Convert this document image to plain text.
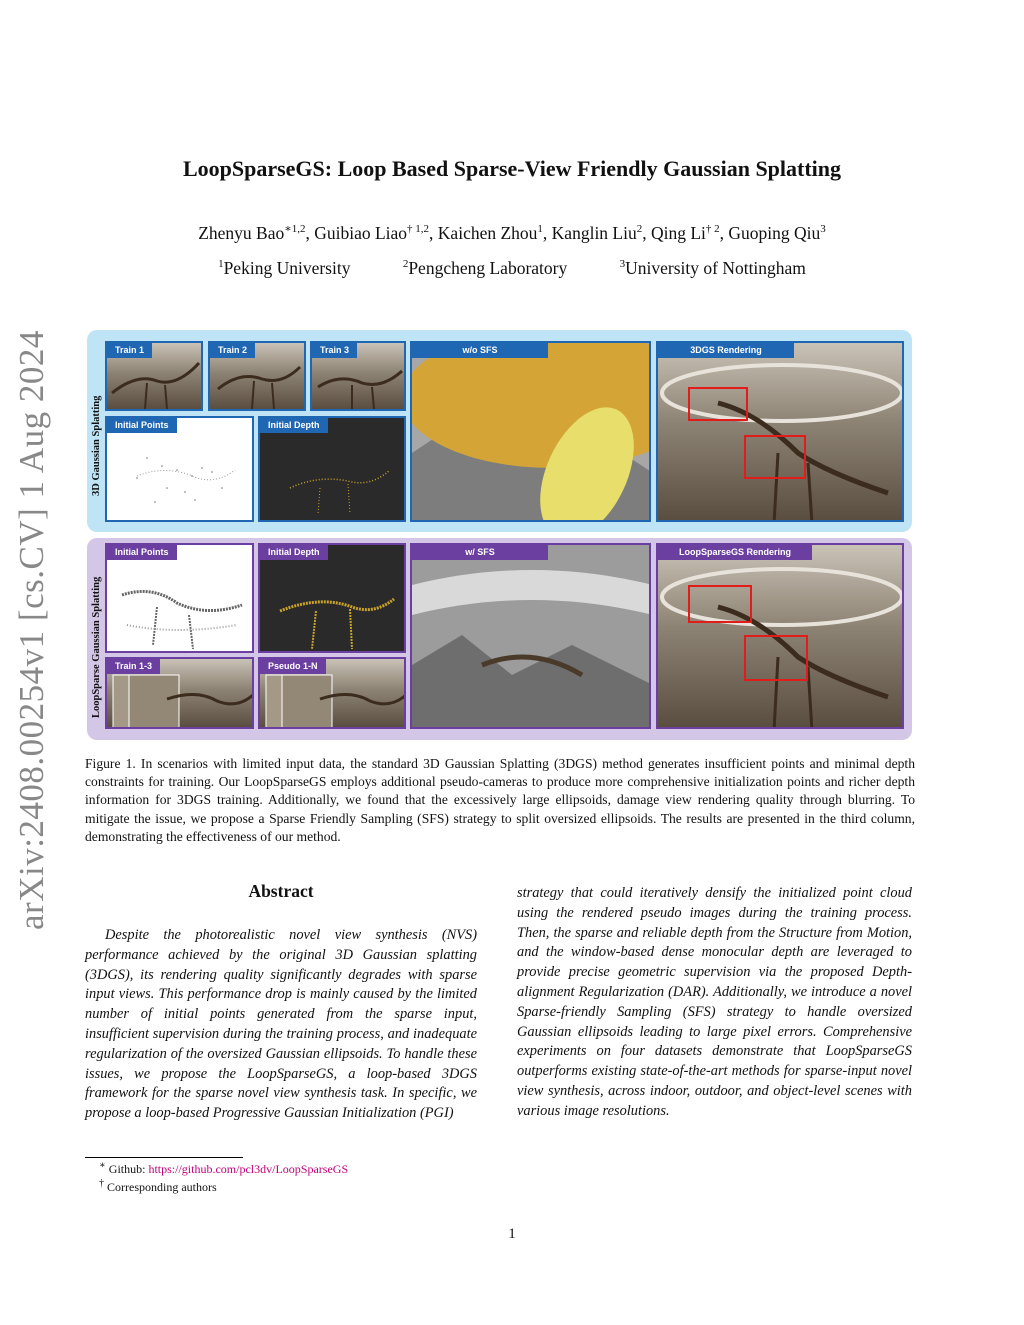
LoopSparseGS: Loop Based Sparse-View Friendly Gaussian Splatting
Zhenyu Bao$^{∗1,2}$, Guibiao Liao$^{\dagger 1,2}$, Kaichen Zhou$^1$, Kanglin Liu$^2$, Qing Li$^{\dagger 2}$, Guoping Qiu$^3$
$^1$Peking University	$^2$Pengcheng Laboratory	$^3$University of Nottingham
arXiv:2408.00254v1 [cs.CV] 1 Aug 2024	3D Gaussian Splatting
LoopSparse Gaussian Splatting
Train 1	Train 2	Train 3
Initial Points	Initial Depth
w/o SFS	3DGS Rendering
Initial Points	Initial Depth
Train 1-3	Pseudo 1-N
w/ SFS	LoopSparseGS Rendering
Figure 1. In scenarios with limited input data, the standard 3D Gaussian Splatting (3DGS) method generates insufficient points and minimal depth constraints for training. Our LoopSparseGS employs additional pseudo-cameras to produce more comprehensive initialization points and richer depth information for 3DGS training. Additionally, we found that the excessively large ellipsoids, damage view rendering quality through blurring. To mitigate the issue, we propose a Sparse Friendly Sampling (SFS) strategy to split oversized ellipsoids. The results are presented in the third column, demonstrating the effectiveness of our method.
Abstract
Despite the photorealistic novel view synthesis (NVS) performance achieved by the original 3D Gaussian splatting (3DGS), its rendering quality significantly degrades with sparse input views. This performance drop is mainly caused by the limited number of initial points generated from the sparse input, insufficient supervision during the training process, and inadequate regularization of the oversized Gaussian ellipsoids. To handle these issues, we propose the LoopSparseGS, a loop-based 3DGS framework for the sparse novel view synthesis task. In specific, we propose a loop-based Progressive Gaussian Initialization (PGI)
strategy that could iteratively densify the initialized point cloud using the rendered pseudo images during the training process. Then, the sparse and reliable depth from the Structure from Motion, and the window-based dense monocular depth are leveraged to provide precise geometric supervision via the proposed Depth-alignment Regularization (DAR). Additionally, we introduce a novel Sparse-friendly Sampling (SFS) strategy to handle oversized Gaussian ellipsoids leading to large pixel errors. Comprehensive experiments on four datasets demonstrate that LoopSparseGS outperforms existing state-of-the-art methods for sparse-input novel view synthesis, across indoor, outdoor, and object-level scenes with various image resolutions.
∗ Github: https://github.com/pcl3dv/LoopSparseGS
† Corresponding authors
1
